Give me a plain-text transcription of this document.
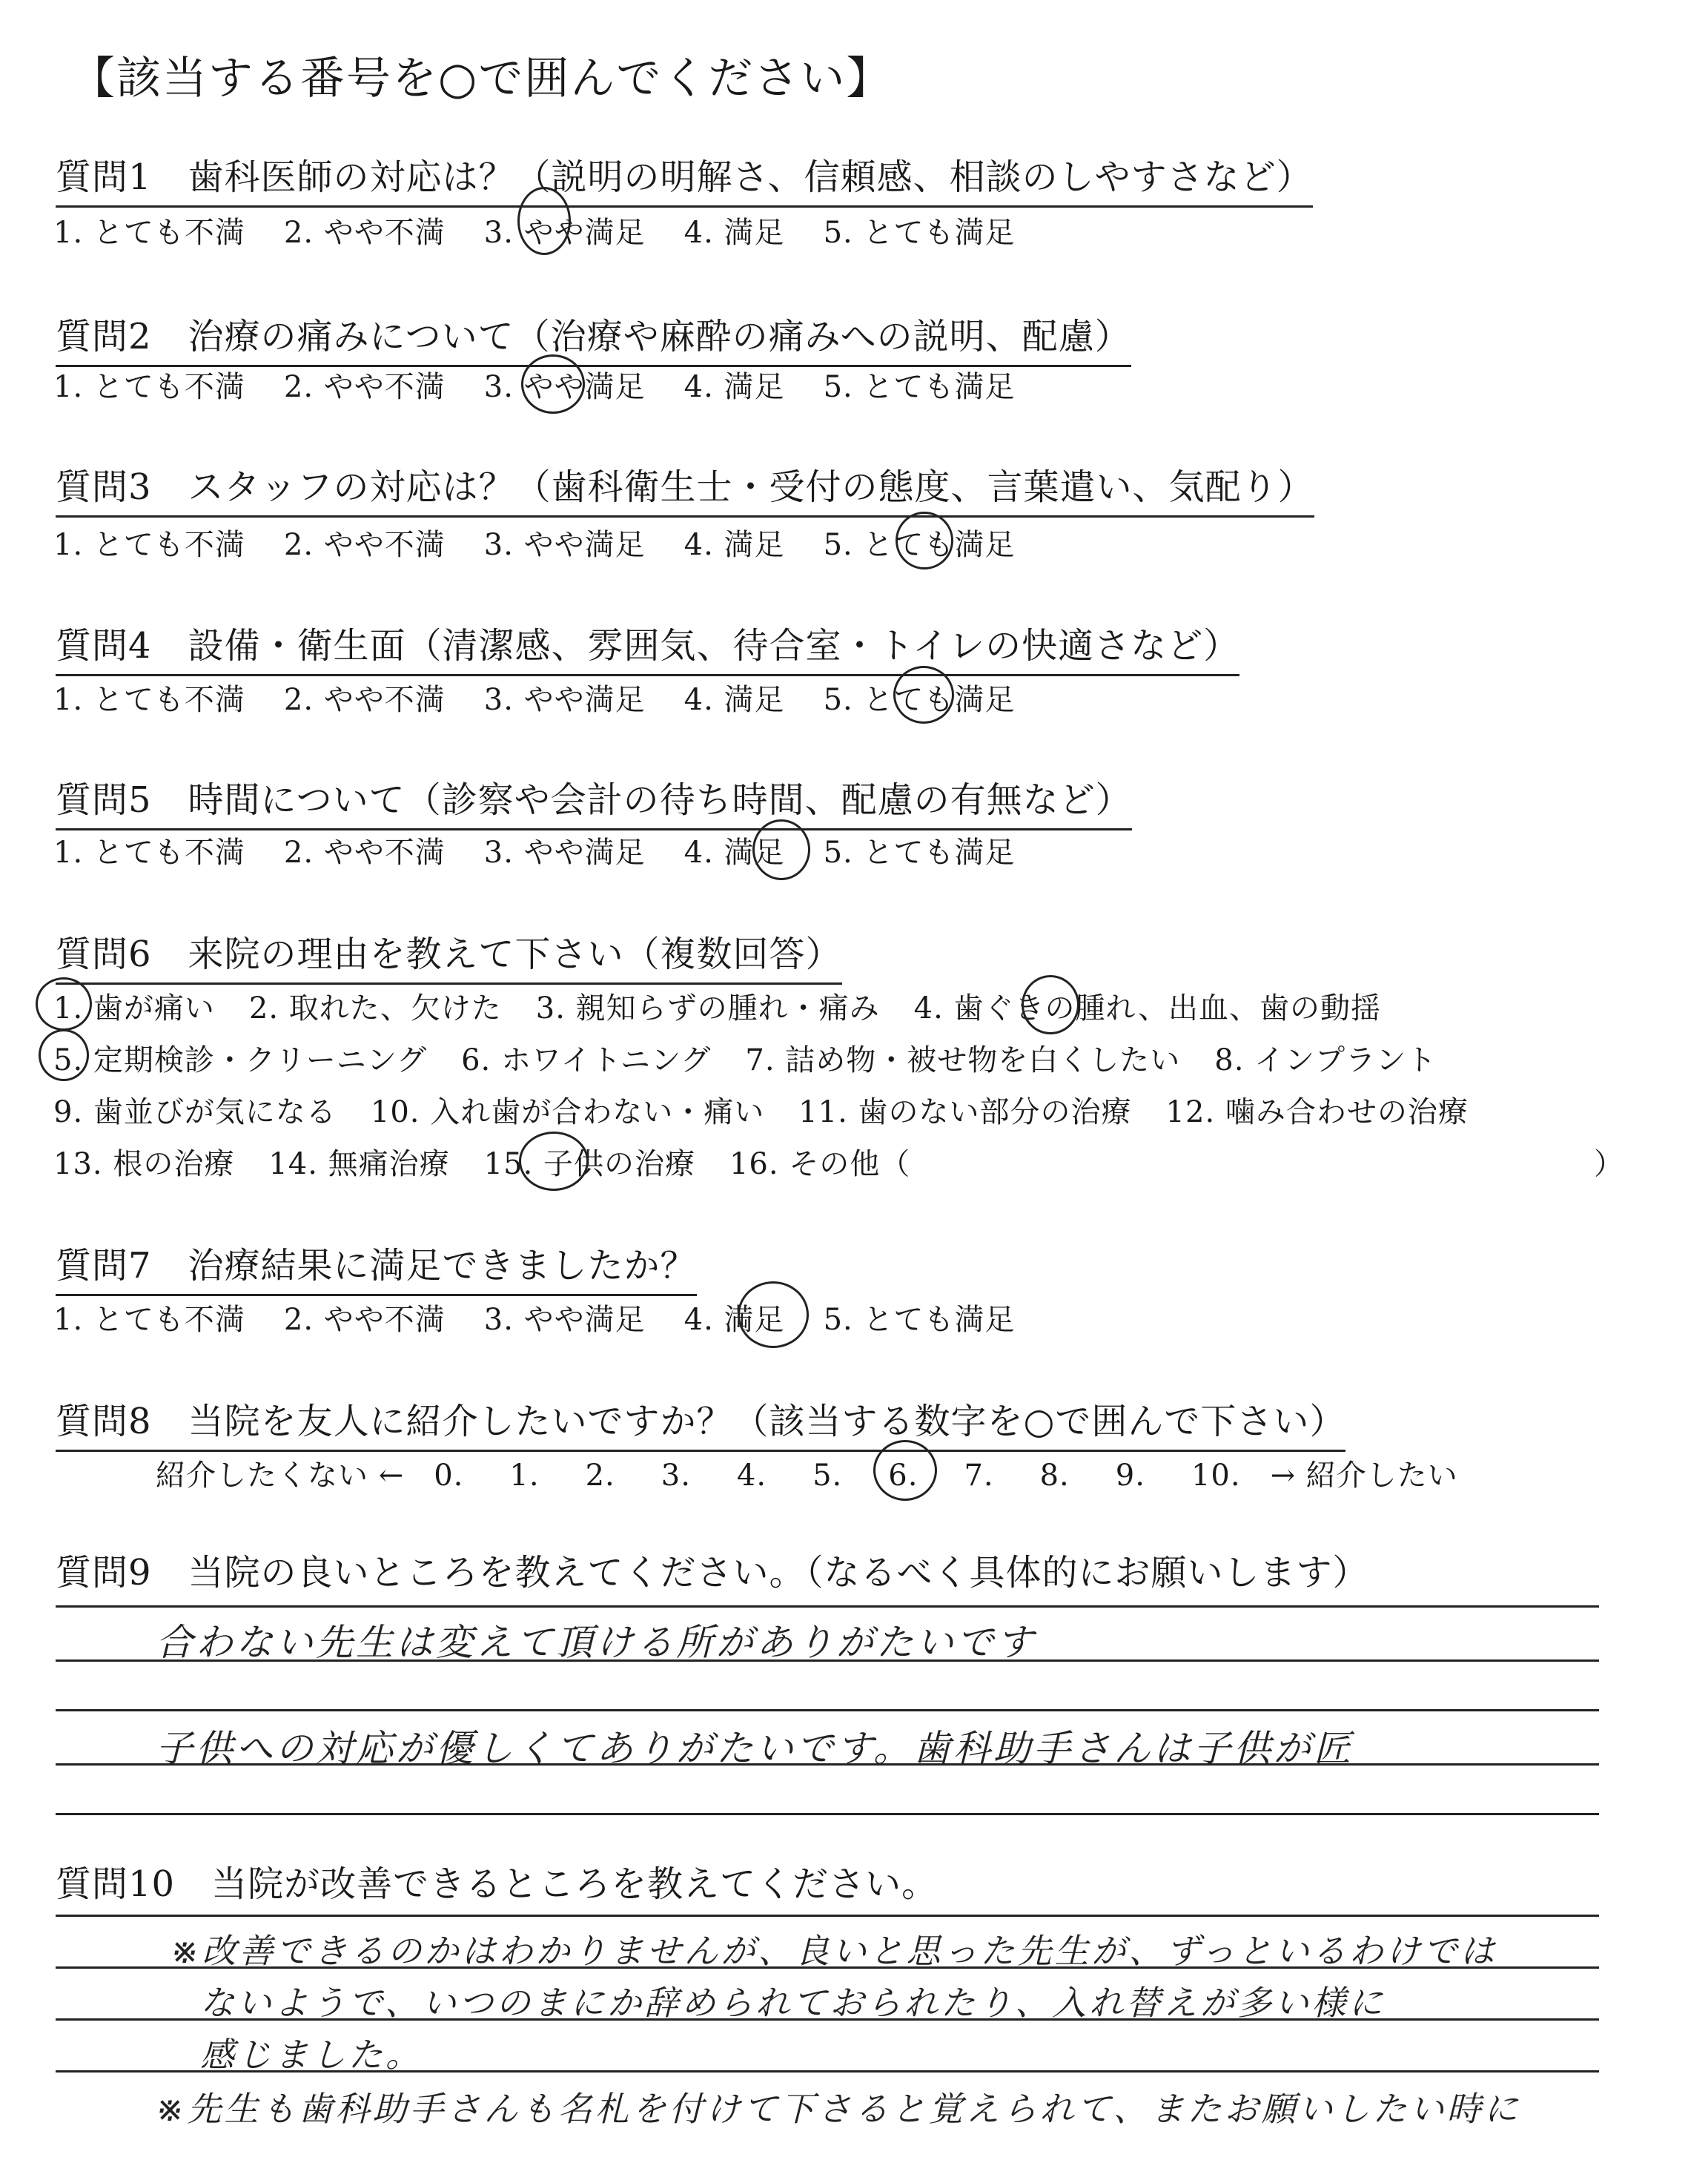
【該当する番号を○で囲んでください】
質問1　歯科医師の対応は？（説明の明解さ、信頼感、相談のしやすさなど）
1. とても不満 2. やや不満 3. やや満足 4. 満足 5. とても満足
質問2　治療の痛みについて（治療や麻酔の痛みへの説明、配慮）
1. とても不満 2. やや不満 3. やや満足 4. 満足 5. とても満足
質問3　スタッフの対応は？（歯科衛生士・受付の態度、言葉遣い、気配り）
1. とても不満 2. やや不満 3. やや満足 4. 満足 5. とても満足
質問4　設備・衛生面（清潔感、雰囲気、待合室・トイレの快適さなど）
1. とても不満 2. やや不満 3. やや満足 4. 満足 5. とても満足
質問5　時間について（診察や会計の待ち時間、配慮の有無など）
1. とても不満 2. やや不満 3. やや満足 4. 満足 5. とても満足
質問6　来院の理由を教えて下さい（複数回答）
1. 歯が痛い 2. 取れた、欠けた 3. 親知らずの腫れ・痛み 4. 歯ぐきの腫れ、出血、歯の動揺
5. 定期検診・クリーニング 6. ホワイトニング 7. 詰め物・被せ物を白くしたい 8. インプラント
9. 歯並びが気になる 10. 入れ歯が合わない・痛い 11. 歯のない部分の治療 12. 噛み合わせの治療
13. 根の治療 14. 無痛治療 15. 子供の治療 16. その他（	）
質問7　治療結果に満足できましたか？
1. とても不満 2. やや不満 3. やや満足 4. 満足 5. とても満足
質問8　当院を友人に紹介したいですか？（該当する数字を○で囲んで下さい）
紹介したくない ← 0. 1. 2. 3. 4. 5. 6. 7. 8. 9. 10. → 紹介したい
質問9　当院の良いところを教えてください。（なるべく具体的にお願いします）
合わない先生は変えて頂ける所がありがたいです
子供への対応が優しくてありがたいです。歯科助手さんは子供が匠
質問10　当院が改善できるところを教えてください。
※改善できるのかはわかりませんが、良いと思った先生が、ずっといるわけでは
ないようで、いつのまにか辞められておられたり、入れ替えが多い様に
感じました。
※先生も歯科助手さんも名札を付けて下さると覚えられて、またお願いしたい時に
